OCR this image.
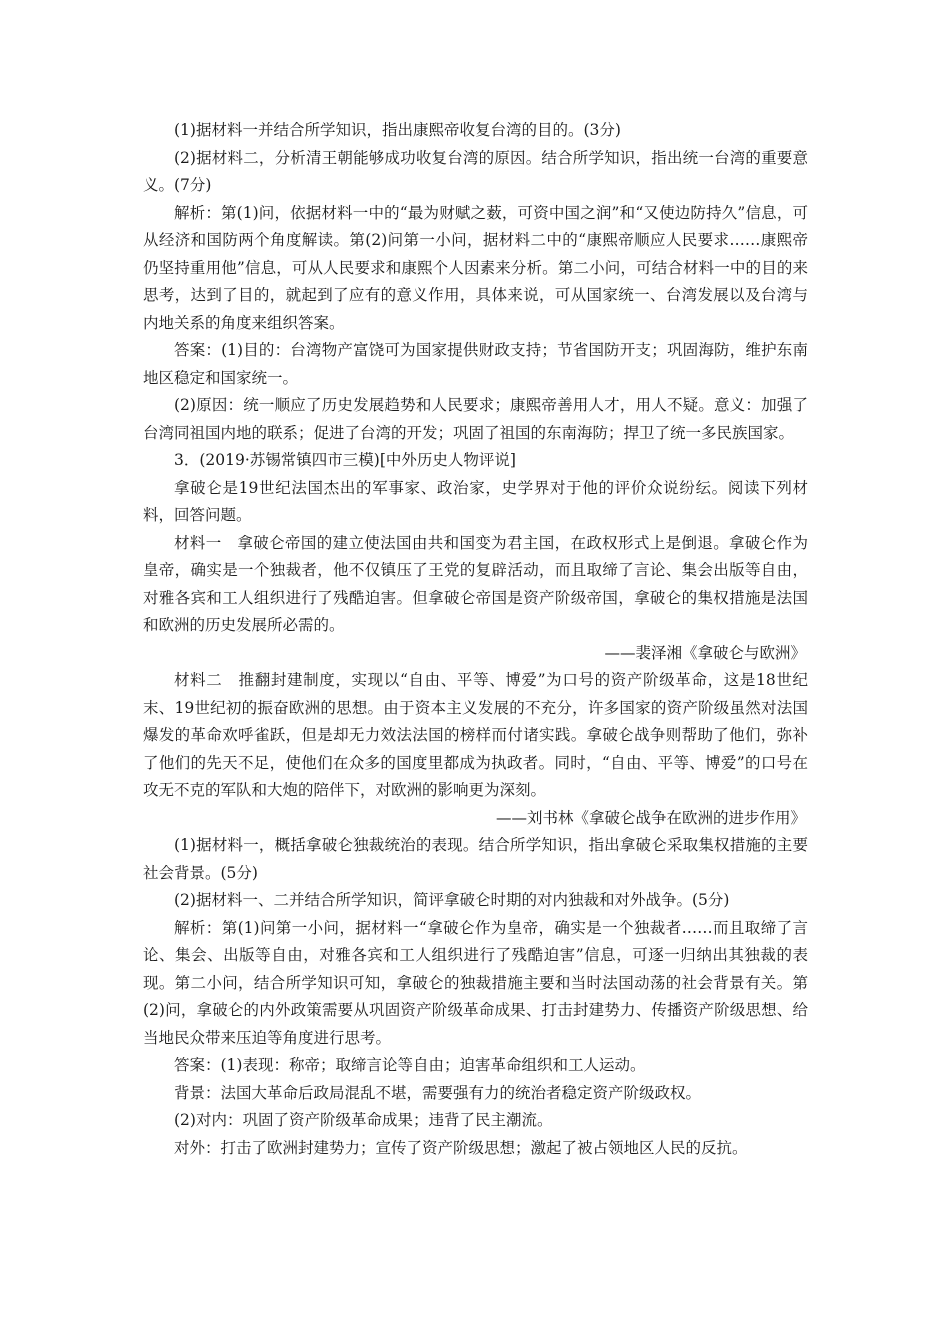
(1)据材料一并结合所学知识，指出康熙帝收复台湾的目的。(3分)

(2)据材料二，分析清王朝能够成功收复台湾的原因。结合所学知识，指出统一台湾的重要意义。(7分)

解析：第(1)问，依据材料一中的“最为财赋之薮，可资中国之润”和“又使边防持久”信息，可从经济和国防两个角度解读。第(2)问第一小问，据材料二中的“康熙帝顺应人民要求……康熙帝仍坚持重用他”信息，可从人民要求和康熙个人因素来分析。第二小问，可结合材料一中的目的来思考，达到了目的，就起到了应有的意义作用，具体来说，可从国家统一、台湾发展以及台湾与内地关系的角度来组织答案。

答案：(1)目的：台湾物产富饶可为国家提供财政支持；节省国防开支；巩固海防，维护东南地区稳定和国家统一。

(2)原因：统一顺应了历史发展趋势和人民要求；康熙帝善用人才，用人不疑。意义：加强了台湾同祖国内地的联系；促进了台湾的开发；巩固了祖国的东南海防；捍卫了统一多民族国家。

3．(2019·苏锡常镇四市三模)[中外历史人物评说]

拿破仑是19世纪法国杰出的军事家、政治家，史学界对于他的评价众说纷纭。阅读下列材料，回答问题。

材料一　拿破仑帝国的建立使法国由共和国变为君主国，在政权形式上是倒退。拿破仑作为皇帝，确实是一个独裁者，他不仅镇压了王党的复辟活动，而且取缔了言论、集会出版等自由，对雅各宾和工人组织进行了残酷迫害。但拿破仑帝国是资产阶级帝国，拿破仑的集权措施是法国和欧洲的历史发展所必需的。

——裴泽湘《拿破仑与欧洲》

材料二　推翻封建制度，实现以“自由、平等、博爱”为口号的资产阶级革命，这是18世纪末、19世纪初的振奋欧洲的思想。由于资本主义发展的不充分，许多国家的资产阶级虽然对法国爆发的革命欢呼雀跃，但是却无力效法法国的榜样而付诸实践。拿破仑战争则帮助了他们，弥补了他们的先天不足，使他们在众多的国度里都成为执政者。同时，“自由、平等、博爱”的口号在攻无不克的军队和大炮的陪伴下，对欧洲的影响更为深刻。

——刘书林《拿破仑战争在欧洲的进步作用》

(1)据材料一，概括拿破仑独裁统治的表现。结合所学知识，指出拿破仑采取集权措施的主要社会背景。(5分)

(2)据材料一、二并结合所学知识，简评拿破仑时期的对内独裁和对外战争。(5分)

解析：第(1)问第一小问，据材料一“拿破仑作为皇帝，确实是一个独裁者……而且取缔了言论、集会、出版等自由，对雅各宾和工人组织进行了残酷迫害”信息，可逐一归纳出其独裁的表现。第二小问，结合所学知识可知，拿破仑的独裁措施主要和当时法国动荡的社会背景有关。第(2)问，拿破仑的内外政策需要从巩固资产阶级革命成果、打击封建势力、传播资产阶级思想、给当地民众带来压迫等角度进行思考。

答案：(1)表现：称帝；取缔言论等自由；迫害革命组织和工人运动。

背景：法国大革命后政局混乱不堪，需要强有力的统治者稳定资产阶级政权。

(2)对内：巩固了资产阶级革命成果；违背了民主潮流。

对外：打击了欧洲封建势力；宣传了资产阶级思想；激起了被占领地区人民的反抗。
